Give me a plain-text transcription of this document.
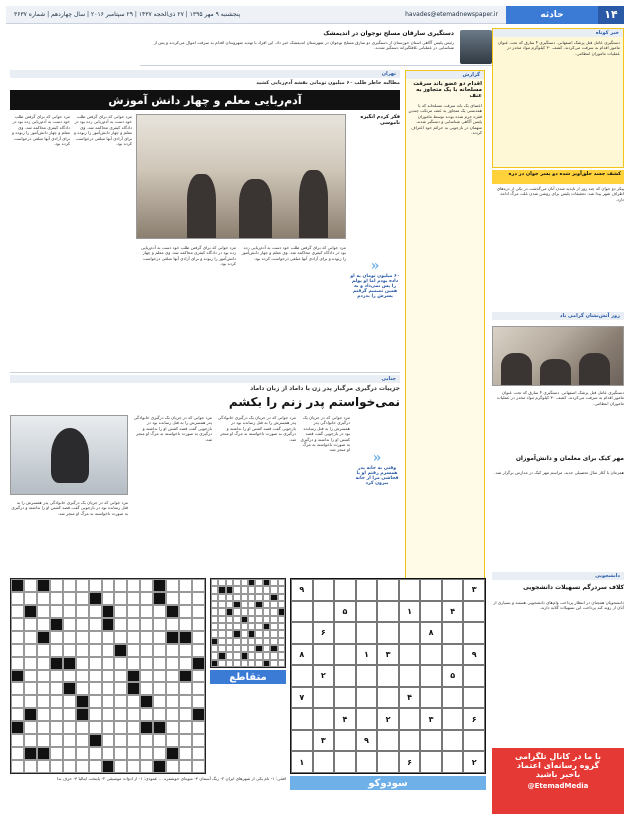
۱۴
حادثه
havades@etemadnewspaper.ir
پنجشنبه ۹ مهر ۱۳۹۵ | ۲۷ ذی‌الحجه ۱۴۳۷ | ۲۹ سپتامبر ۲۰۱۶ | سال چهاردهم | شماره ۳۶۳۷
دستگیری سارقان مسلح نوجوان در اندیمشک
رئیس پلیس آگاهی استان خوزستان از دستگیری دو سارق مسلح نوجوان در شهرستان اندیمشک خبر داد. این افراد با تهدید شهروندان اقدام به سرقت اموال می‌کردند و پس از شناسایی در عملیاتی غافلگیرانه دستگیر شدند.
خبر کوتاه
دستگیری عامل قتل پزشک اصفهانی. دستگیری ۴ سارق که تحت عنوان مامور اقدام به سرقت می‌کردند. کشف ۳۰ کیلوگرم مواد مخدر در عملیات ماموران انتظامی.
کشف جسد حلق‌آویز شده دو پسر جوان در دره
پیکر دو جوان که چند روز از ناپدید شدن آنان می‌گذشت در یکی از دره‌های اطراف شهر پیدا شد. تحقیقات پلیس برای روشن شدن علت مرگ ادامه دارد.
روز آتش‌نشان گرامی باد
دستگیری عامل قتل پزشک اصفهانی. دستگیری ۴ سارق که تحت عنوان مامور اقدام به سرقت می‌کردند. کشف ۳۰ کیلوگرم مواد مخدر در عملیات ماموران انتظامی.
مهر کیک برای معلمان و دانش‌آموزان
همزمان با آغاز سال تحصیلی جدید، مراسم مهر کیک در مدارس برگزار شد.
گزارش
اقدام دو عضو باند سرقت مسلحانه با یک متجاوز به عنف
اعضای یک باند سرقت مسلحانه که با همدستی یک متجاوز به عنف مرتکب چندین فقره جرم شده بودند توسط ماموران پلیس آگاهی شناسایی و دستگیر شدند. متهمان در بازجویی به جرائم خود اعتراف کردند.
تهران
مطالبه خاطر طلب ۶۰ میلیون تومانی نقشه آدم‌ربایی کشید
آدم‌ربایی معلم و چهار دانش آموزش
مرد جوانی که برای گرفتن طلب خود دست به آدم‌ربایی زده بود در دادگاه کیفری محاکمه شد. وی معلم و چهار دانش‌آموز را ربوده و برای آزادی آنها مبلغی درخواست کرده بود.
مرد جوانی که برای گرفتن طلب خود دست به آدم‌ربایی زده بود در دادگاه کیفری محاکمه شد. وی معلم و چهار دانش‌آموز را ربوده و برای آزادی آنها مبلغی درخواست کرده بود.
فکر کردم انگیزه ناموسی
مرد جوانی که برای گرفتن طلب خود دست به آدم‌ربایی زده بود در دادگاه کیفری محاکمه شد. وی معلم و چهار دانش‌آموز را ربوده و برای آزادی آنها مبلغی درخواست کرده بود.
مرد جوانی که برای گرفتن طلب خود دست به آدم‌ربایی زده بود در دادگاه کیفری محاکمه شد. وی معلم و چهار دانش‌آموز را ربوده و برای آزادی آنها مبلغی درخواست کرده بود.	«
۶۰ میلیون تومان به او داده بودم اما او پولم را پس نمی‌داد و به همین تصمیم گرفتم پسرش را بدزدم
جنایی
جزییات درگیری مرگبار پدر زن با داماد از زبان داماد
نمی‌خواستم پدر زنم را بکشم
مرد جوانی که در جریان یک درگیری خانوادگی پدر همسرش را به قتل رسانده بود در بازجویی گفت قصد کشتن او را نداشته و درگیری به صورت ناخواسته به مرگ او منجر شد.
مرد جوانی که در جریان یک درگیری خانوادگی پدر همسرش را به قتل رسانده بود در بازجویی گفت قصد کشتن او را نداشته و درگیری به صورت ناخواسته به مرگ او منجر شد.
مرد جوانی که در جریان یک درگیری خانوادگی پدر همسرش را به قتل رسانده بود در بازجویی گفت قصد کشتن او را نداشته و درگیری به صورت ناخواسته به مرگ او منجر شد.
مرد جوانی که در جریان یک درگیری خانوادگی پدر همسرش را به قتل رسانده بود در بازجویی گفت قصد کشتن او را نداشته و درگیری به صورت ناخواسته به مرگ او منجر شد.
«
وقتی به خانه پدر همسرم رفتم او با فحاشی مرا از خانه بیرون کرد
دانشجویی
کلاف سردرگم تسهیلات دانشجویی
دانشجویان همچنان در انتظار پرداخت وام‌های دانشجویی هستند و بسیاری از آنان از روند کند پرداخت این تسهیلات گلایه دارند.
۳
۹
۴
۱
۵
۸
۶
۹
۳
۱
۸
۵
۲
۴
۷
۶
۳
۲
۴
۹
۳
۲
۶
۱
سودوکو
متقاطع
افقی: ۱- نام یکی از شهرهای ایران ۲- رنگ آسمان ۳- میوه‌ای خوشمزه ... عمودی: ۱- از ادوات موسیقی ۲- پایتخت ایتالیا ۳- حرف ندا
با ما در کانال تلگرامی
گروه رسانه‌ای اعتماد
باخبر باشید
@EtemadMedia
